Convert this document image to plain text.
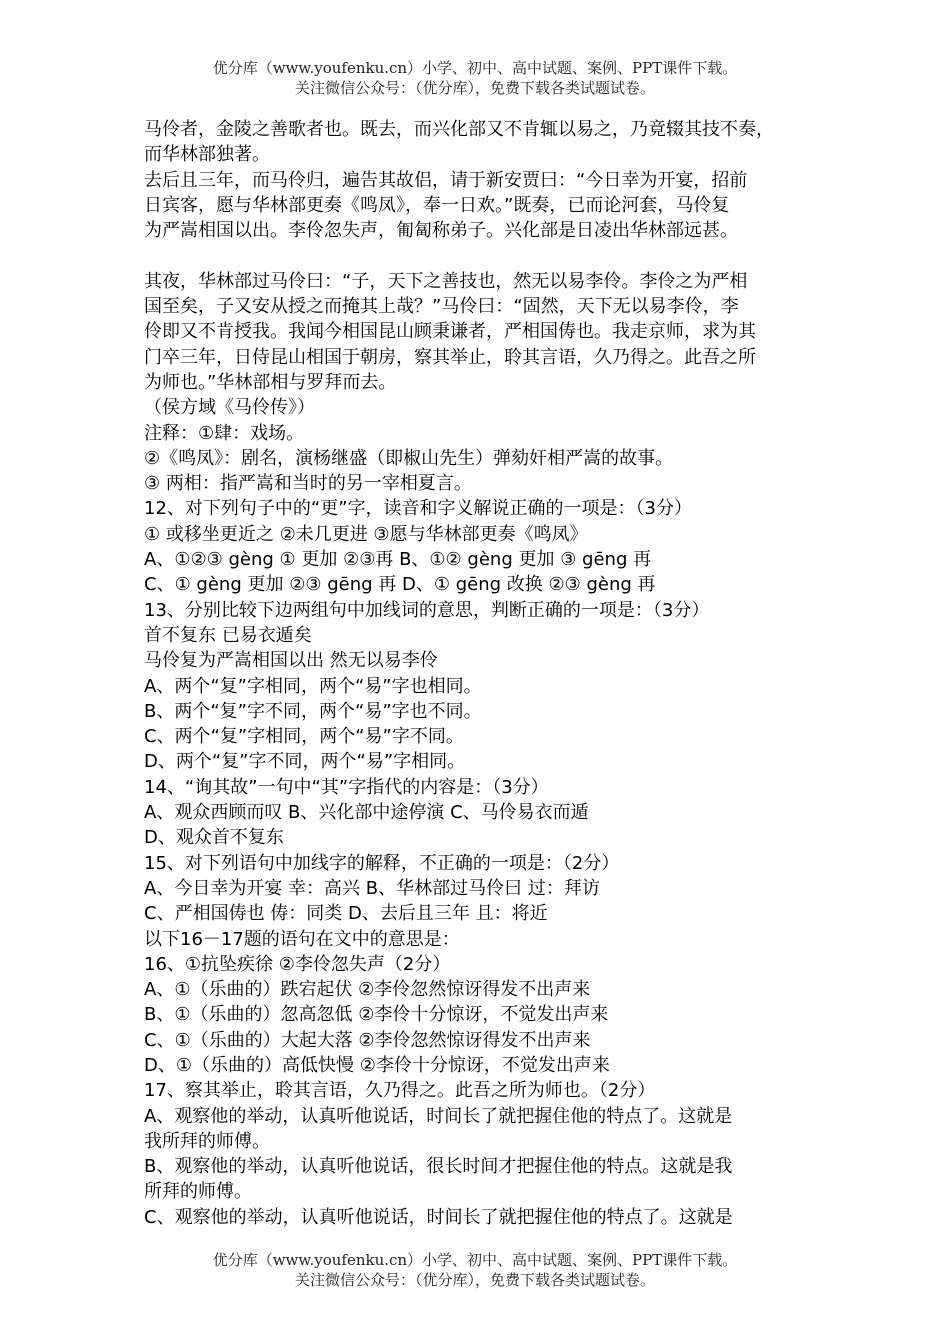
优分库（www.youfenku.cn）小学、初中、高中试题、案例、PPT课件下载。
关注微信公众号：（优分库），免费下载各类试题试卷。
马伶者，金陵之善歌者也。既去，而兴化部又不肯辄以易之，乃竟辍其技不奏，
而华林部独著。
去后且三年，而马伶归，遍告其故侣，请于新安贾曰：“今日幸为开宴，招前
日宾客，愿与华林部更奏《鸣凤》，奉一日欢。”既奏，已而论河套，马伶复
为严嵩相国以出。李伶忽失声，匍匐称弟子。兴化部是日凌出华林部远甚。
其夜，华林部过马伶曰：“子，天下之善技也，然无以易李伶。李伶之为严相
国至矣，子又安从授之而掩其上哉？”马伶曰：“固然，天下无以易李伶，李
伶即又不肯授我。我闻今相国昆山顾秉谦者，严相国俦也。我走京师，求为其
门卒三年，日侍昆山相国于朝房，察其举止，聆其言语，久乃得之。此吾之所
为师也。”华林部相与罗拜而去。
（侯方域《马伶传》）
注释：①肆：戏场。
②《鸣凤》：剧名，演杨继盛（即椒山先生）弹劾奸相严嵩的故事。
③ 两相：指严嵩和当时的另一宰相夏言。
12、对下列句子中的“更”字，读音和字义解说正确的一项是：（3分）
① 或移坐更近之 ②未几更进 ③愿与华林部更奏《鸣凤》
A、①②③ gèng ① 更加 ②③再 B、①② gèng 更加 ③ gēng 再
C、① gèng 更加 ②③ gēng 再 D、① gēng 改换 ②③ gèng 再
13、分别比较下边两组句中加线词的意思，判断正确的一项是：（3分）
首不复东 已易衣遁矣
马伶复为严嵩相国以出 然无以易李伶
A、两个“复”字相同，两个“易”字也相同。
B、两个“复”字不同，两个“易”字也不同。
C、两个“复”字相同，两个“易”字不同。
D、两个“复”字不同，两个“易”字相同。
14、“询其故”一句中“其”字指代的内容是：（3分）
A、观众西顾而叹 B、兴化部中途停演 C、马伶易衣而遁
D、观众首不复东
15、对下列语句中加线字的解释，不正确的一项是：（2分）
A、今日幸为开宴 幸：高兴 B、华林部过马伶曰 过：拜访
C、严相国俦也 俦：同类 D、去后且三年 且：将近
以下16－17题的语句在文中的意思是：
16、①抗坠疾徐 ②李伶忽失声（2分）
A、①（乐曲的）跌宕起伏 ②李伶忽然惊讶得发不出声来
B、①（乐曲的）忽高忽低 ②李伶十分惊讶，不觉发出声来
C、①（乐曲的）大起大落 ②李伶忽然惊讶得发不出声来
D、①（乐曲的）高低快慢 ②李伶十分惊讶，不觉发出声来
17、察其举止，聆其言语，久乃得之。此吾之所为师也。（2分）
A、观察他的举动，认真听他说话，时间长了就把握住他的特点了。这就是
我所拜的师傅。
B、观察他的举动，认真听他说话，很长时间才把握住他的特点。这就是我
所拜的师傅。
C、观察他的举动，认真听他说话，时间长了就把握住他的特点了。这就是
优分库（www.youfenku.cn）小学、初中、高中试题、案例、PPT课件下载。
关注微信公众号：（优分库），免费下载各类试题试卷。
